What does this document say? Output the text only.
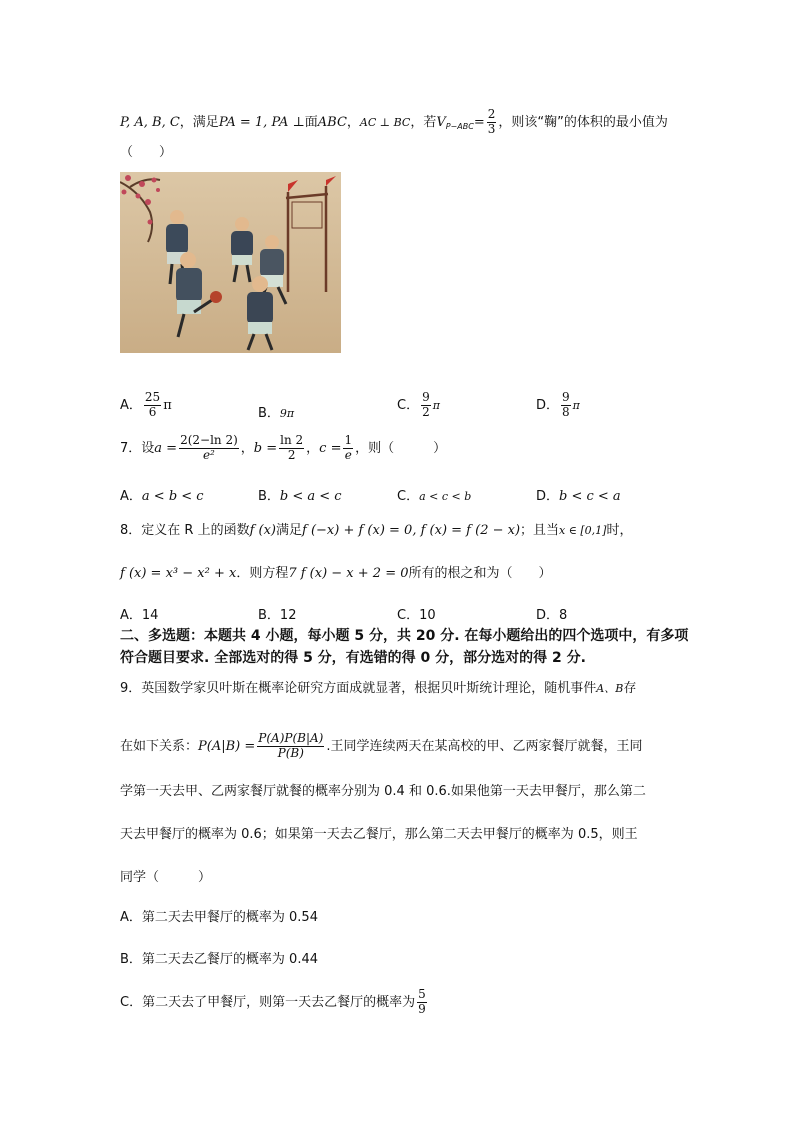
P, A, B, C，满足PA = 1, PA ⊥面ABC，AC ⊥ BC，若$V_{P-ABC}= \frac{2}{3}$ ，则该“鞠”的体积的最小值为
（　　）
A． $\frac{25}{6}$ π
B．9π
C． $\frac{9}{2}$ π	D． $\frac{9}{8}$ π
7．设$a = \frac{2(2-\ln 2)}{\text{e²}}$ ，$b = \frac{\ln 2}{2}$ ，$c = \frac{1}{e}$ ，则（　　　）
A．a < b < c	B．b < a < c	C．a < c < b	D．b < c < a
8．定义在 R 上的函数f (x)满足f (−x) + f (x) = 0, f (x) = f (2 − x)；且当x ∈ [0,1]时，
f (x) = x³ − x² + x．则方程7 f (x) − x + 2 = 0所有的根之和为（　　）
A．14	B．12	C．10	D．8
二、多选题：本题共 4 小题，每小题 5 分，共 20 分. 在每小题给出的四个选项中，有多项
符合题目要求. 全部选对的得 5 分，有选错的得 0 分，部分选对的得 2 分.
9．英国数学家贝叶斯在概率论研究方面成就显著，根据贝叶斯统计理论，随机事件A、B存
在如下关系：$P(A|B) = \frac{P(A)P(B|A)}{P(B)}$ .王同学连续两天在某高校的甲、乙两家餐厅就餐，王同
学第一天去甲、乙两家餐厅就餐的概率分别为 0.4 和 0.6.如果他第一天去甲餐厅，那么第二
天去甲餐厅的概率为 0.6；如果第一天去乙餐厅，那么第二天去甲餐厅的概率为 0.5，则王
同学（　　　）
A．第二天去甲餐厅的概率为 0.54
B．第二天去乙餐厅的概率为 0.44
C．第二天去了甲餐厅，则第一天去乙餐厅的概率为 $\frac{5}{9}$
